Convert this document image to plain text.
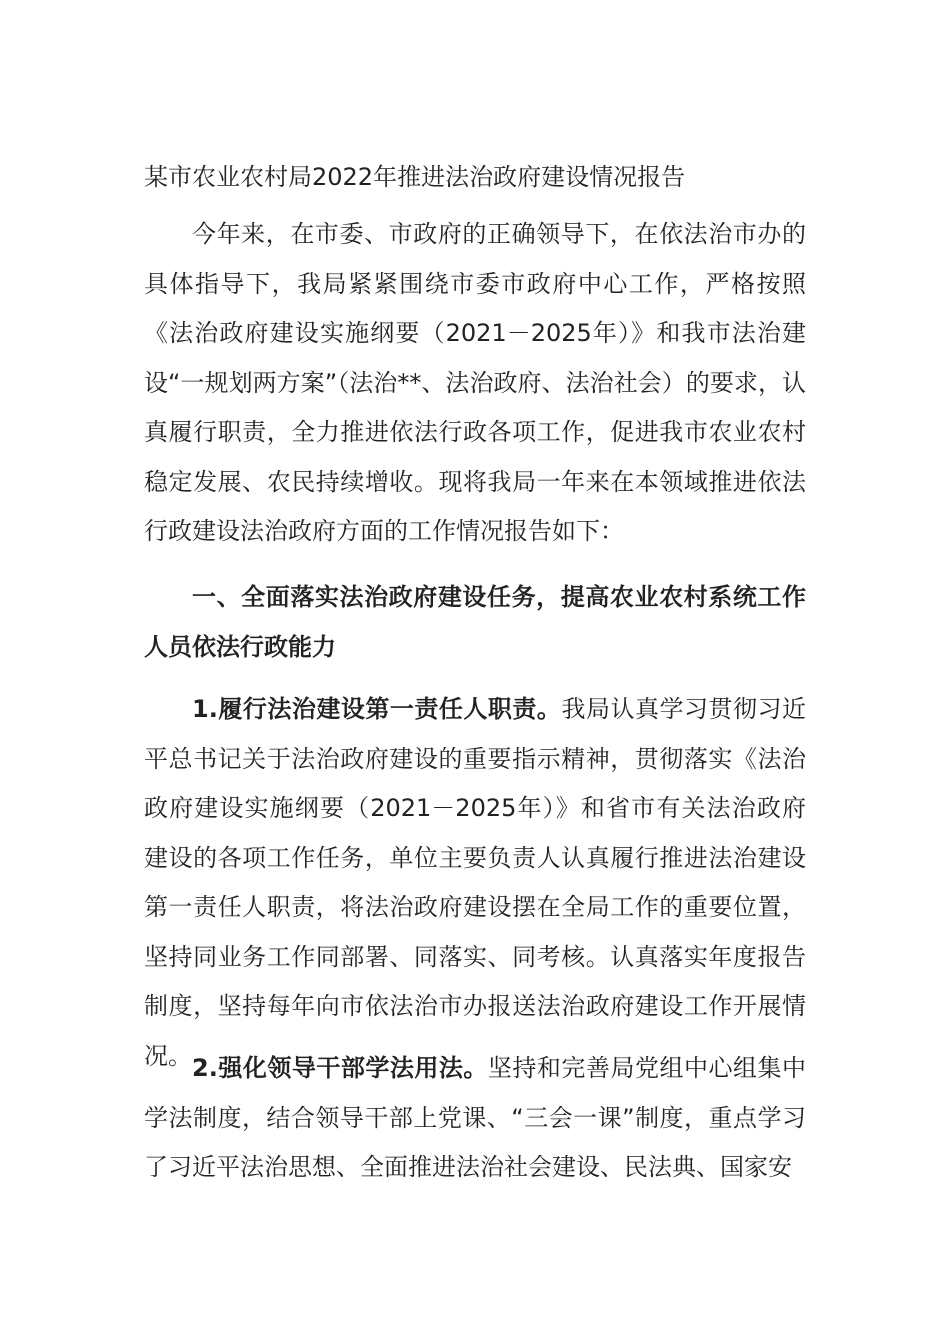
某市农业农村局2022年推进法治政府建设情况报告
今年来，在市委、市政府的正确领导下，在依法治市办的具体指导下，我局紧紧围绕市委市政府中心工作，严格按照《法治政府建设实施纲要（2021－2025年）》和我市法治建设“一规划两方案”（法治**、法治政府、法治社会）的要求，认真履行职责，全力推进依法行政各项工作，促进我市农业农村稳定发展、农民持续增收。现将我局一年来在本领域推进依法行政建设法治政府方面的工作情况报告如下：
一、全面落实法治政府建设任务，提高农业农村系统工作人员依法行政能力
1.履行法治建设第一责任人职责。我局认真学习贯彻习近平总书记关于法治政府建设的重要指示精神，贯彻落实《法治政府建设实施纲要（2021－2025年）》和省市有关法治政府建设的各项工作任务，单位主要负责人认真履行推进法治建设第一责任人职责，将法治政府建设摆在全局工作的重要位置，坚持同业务工作同部署、同落实、同考核。认真落实年度报告制度，坚持每年向市依法治市办报送法治政府建设工作开展情况。 2.强化领导干部学法用法。坚持和完善局党组中心组集中学法制度，结合领导干部上党课、“三会一课”制度，重点学习了习近平法治思想、全面推进法治社会建设、民法典、国家安
